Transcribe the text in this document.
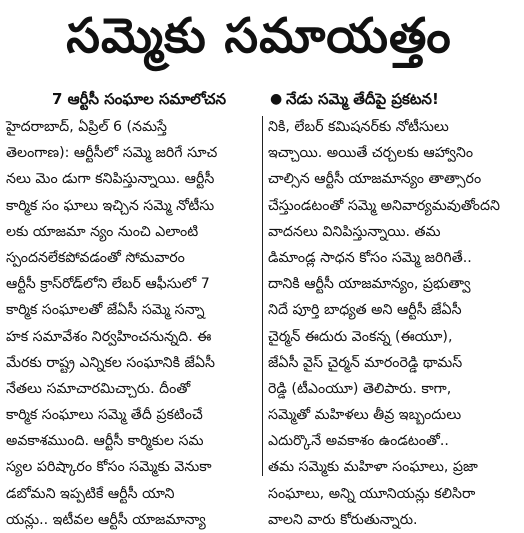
సమ్మెకు సమాయత్తం
7 ఆర్టీసీ సంఘాల సమాలోచన	● నేడు సమ్మె తేదీపై ప్రకటన!
హైదరాబాద్, ఏప్రిల్ 6 (నమస్తే
తెలంగాణ): ఆర్టీసీలో సమ్మె జరిగే సూచ
నలు మెం డుగా కనిపిస్తున్నాయి. ఆర్టీసీ
కార్మిక సం ఘాలు ఇచ్చిన సమ్మె నోటీసు
లకు యాజమా న్యం నుంచి ఎలాంటి
స్పందనలేకపోవడంతో సోమవారం
ఆర్టీసీ క్రాస్‌రోడ్‌లోని లేబర్ ఆఫీసులో 7
కార్మిక సంఘాలతో జేఏసీ సమ్మె సన్నా
హక సమావేశం నిర్వహించనున్నది. ఈ
మేరకు రాష్ట్ర ఎన్నికల సంఘానికి జేఏసీ
నేతలు సమాచారమిచ్చారు. దీంతో
కార్మిక సంఘాలు సమ్మె తేదీ ప్రకటించే
అవకాశముంది. ఆర్టీసీ కార్మికుల సమ
స్యల పరిష్కారం కోసం సమ్మెకు వెనుకా
డబోమని ఇప్పటికే ఆర్టీసీ యాని
యన్లు.. ఇటీవల ఆర్టీసీ యాజమాన్యా
నికి, లేబర్ కమిషనర్‌కు నోటీసులు
ఇచ్చాయి. అయితే చర్చలకు ఆహ్వానిం
చాల్సిన ఆర్టీసీ యాజమాన్యం తాత్సారం
చేస్తుండటంతో సమ్మె అనివార్యమవుతోందని
వాదనలు వినిపిస్తున్నాయి. తమ
డిమాండ్ల సాధన కోసం సమ్మె జరిగితే..
దానికి ఆర్టీసీ యాజమాన్యం, ప్రభుత్వా
నిదే పూర్తి బాధ్యత అని ఆర్టీసీ జేఏసీ
చైర్మన్ ఈదురు వెంకన్న (ఈయూ),
జేఏసీ వైస్ చైర్మన్ మారంరెడ్డి థామస్
రెడ్డి (టీఎంయూ) తెలిపారు. కాగా,
సమ్మెతో మహిళలు తీవ్ర ఇబ్బందులు
ఎదుర్కొనే అవకాశం ఉండటంతో..
తమ సమ్మెకు మహిళా సంఘాలు, ప్రజా
సంఘాలు, అన్ని యూనియన్లు కలిసిరా
వాలని వారు కోరుతున్నారు.
